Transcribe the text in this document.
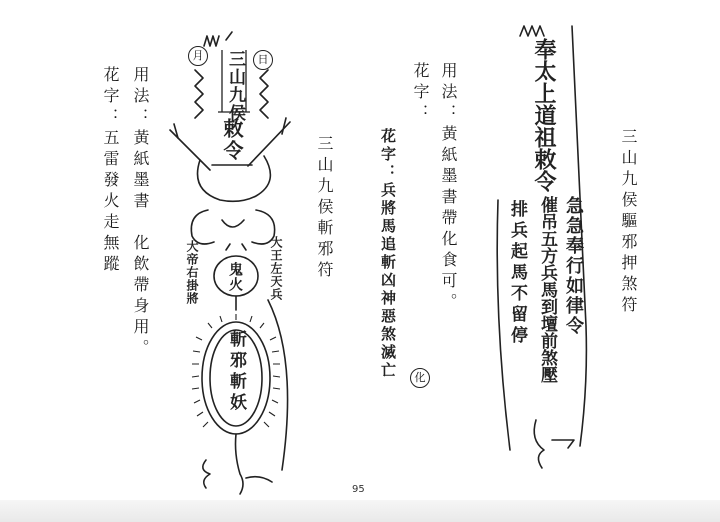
三山九侯斬邪符
用法：黃紙墨書　化飲帶身用。
花字：五雷發火走無蹤	三山九侯驅邪押煞符
用法：黃紙墨書帶化食可。
花字：
月	日
三山九侯
敕令
大帝右掛將	大王左天兵
鬼火
斬邪斬妖
奉太上道祖敕令
急急奉行如律令
催吊五方兵馬到壇前煞壓
排兵起馬不留停
花字：兵將馬追斬凶神惡煞滅亡	化
95
